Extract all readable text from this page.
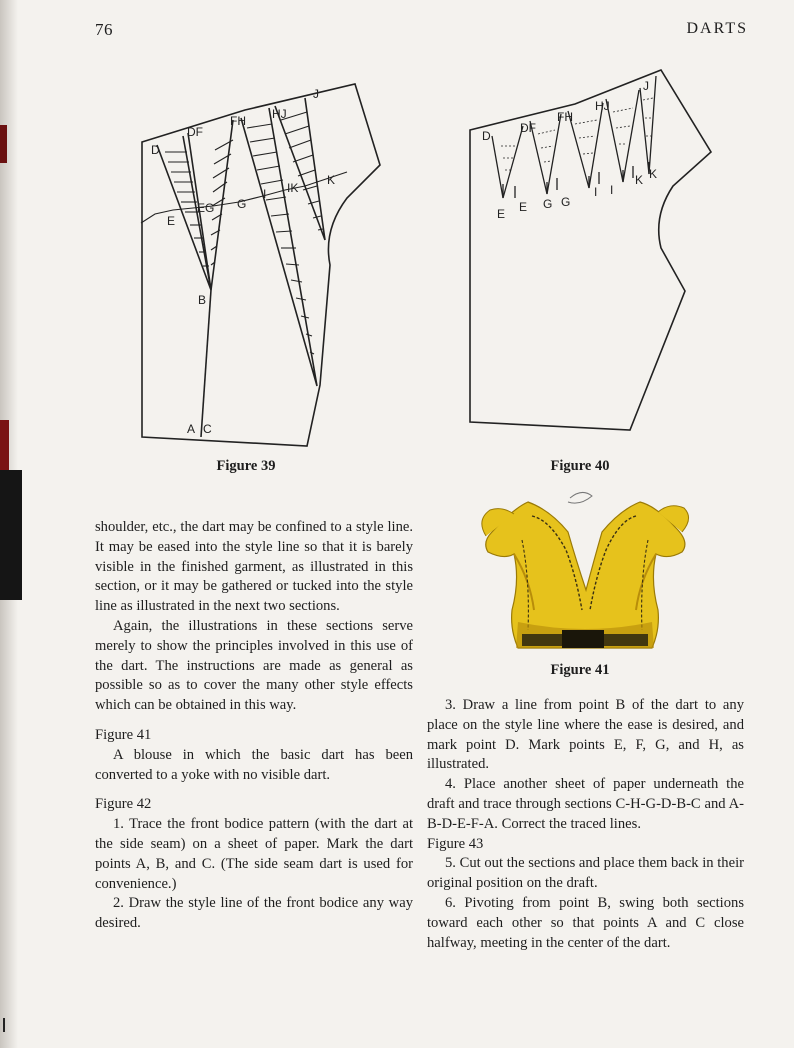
76	DARTS
D
DF
FH HJ
J
E
EG G
I IK
K
B
A C
Figure 39
D
DF
FH
HJ
J
E E G G
I I
K K
Figure 40
Figure 41

shoulder, etc., the dart may be confined to a style line. It may be eased into the style line so that it is barely visible in the finished garment, as illustrated in this section, or it may be gathered or tucked into the style line as illustrated in the next two sections.

Again, the illustrations in these sections serve merely to show the principles involved in this use of the dart. The instructions are made as general as possible so as to cover the many other style effects which can be obtained in this way.

Figure 41

A blouse in which the basic dart has been converted to a yoke with no visible dart.

Figure 42

1. Trace the front bodice pattern (with the dart at the side seam) on a sheet of paper. Mark the dart points A, B, and C. (The side seam dart is used for convenience.)

2. Draw the style line of the front bodice any way desired.

3. Draw a line from point B of the dart to any place on the style line where the ease is desired, and mark point D. Mark points E, F, G, and H, as illustrated.

4. Place another sheet of paper underneath the draft and trace through sections C-H-G-D-B-C and A-B-D-E-F-A. Correct the traced lines.

Figure 43

5. Cut out the sections and place them back in their original position on the draft.

6. Pivoting from point B, swing both sections toward each other so that points A and C close halfway, meeting in the center of the dart.
